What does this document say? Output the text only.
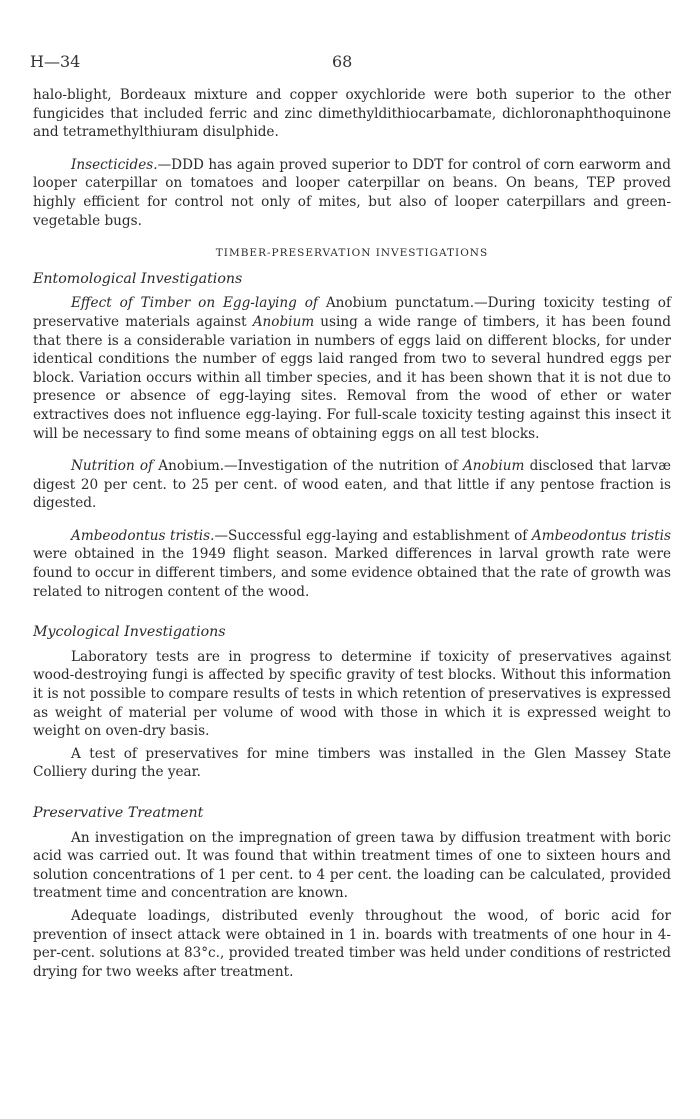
H—34	68

halo-blight, Bordeaux mixture and copper oxychloride were both superior to the other fungicides that included ferric and zinc dimethyldithiocarbamate, dichloronaphthoquinone and tetramethylthiuram disulphide.

Insecticides.—DDD has again proved superior to DDT for control of corn earworm and looper caterpillar on tomatoes and looper caterpillar on beans. On beans, TEP proved highly efficient for control not only of mites, but also of looper caterpillars and green-vegetable bugs.

TIMBER-PRESERVATION INVESTIGATIONS
Entomological Investigations

Effect of Timber on Egg-laying of Anobium punctatum.—During toxicity testing of preservative materials against Anobium using a wide range of timbers, it has been found that there is a considerable variation in numbers of eggs laid on different blocks, for under identical conditions the number of eggs laid ranged from two to several hundred eggs per block. Variation occurs within all timber species, and it has been shown that it is not due to presence or absence of egg-laying sites. Removal from the wood of ether or water extractives does not influence egg-laying. For full-scale toxicity testing against this insect it will be necessary to find some means of obtaining eggs on all test blocks.

Nutrition of Anobium.—Investigation of the nutrition of Anobium disclosed that larvæ digest 20 per cent. to 25 per cent. of wood eaten, and that little if any pentose fraction is digested.

Ambeodontus tristis.—Successful egg-laying and establishment of Ambeodontus tristis were obtained in the 1949 flight season. Marked differences in larval growth rate were found to occur in different timbers, and some evidence obtained that the rate of growth was related to nitrogen content of the wood.

Mycological Investigations

Laboratory tests are in progress to determine if toxicity of preservatives against wood-destroying fungi is affected by specific gravity of test blocks. Without this information it is not possible to compare results of tests in which retention of preservatives is expressed as weight of material per volume of wood with those in which it is expressed weight to weight on oven-dry basis.

A test of preservatives for mine timbers was installed in the Glen Massey State Colliery during the year.

Preservative Treatment

An investigation on the impregnation of green tawa by diffusion treatment with boric acid was carried out. It was found that within treatment times of one to sixteen hours and solution concentrations of 1 per cent. to 4 per cent. the loading can be calculated, provided treatment time and concentration are known.

Adequate loadings, distributed evenly throughout the wood, of boric acid for prevention of insect attack were obtained in 1 in. boards with treatments of one hour in 4-per-cent. solutions at 83°c., provided treated timber was held under conditions of restricted drying for two weeks after treatment.
